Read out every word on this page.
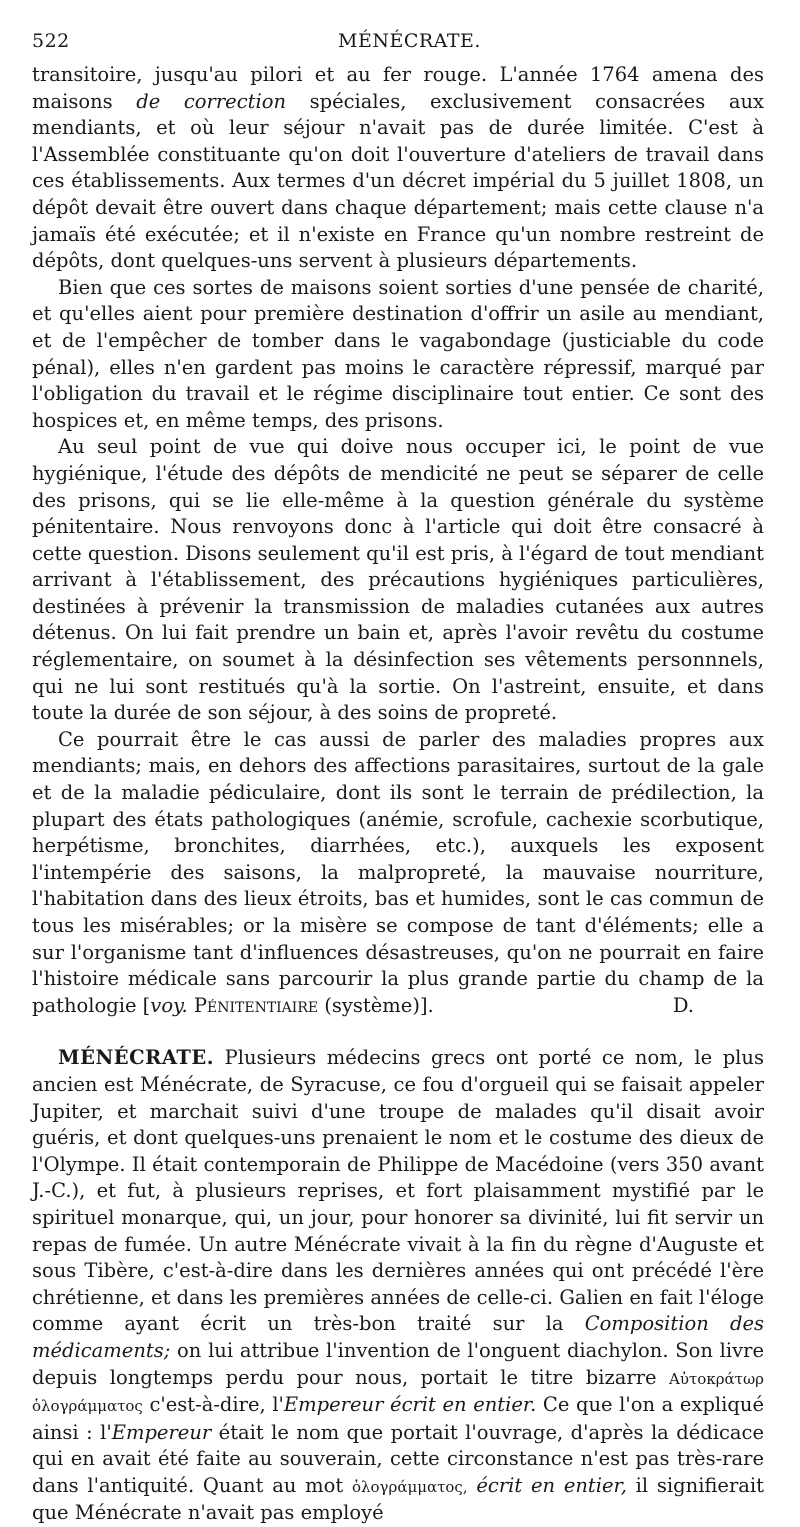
522	MÉNÉCRATE.

transitoire, jusqu'au pilori et au fer rouge. L'année 1764 amena des maisons de correction spéciales, exclusivement consacrées aux mendiants, et où leur séjour n'avait pas de durée limitée. C'est à l'Assemblée constituante qu'on doit l'ouverture d'ateliers de travail dans ces établissements. Aux termes d'un décret impérial du 5 juillet 1808, un dépôt devait être ouvert dans chaque département; mais cette clause n'a jamaïs été exécutée; et il n'existe en France qu'un nombre restreint de dépôts, dont quelques-uns servent à plusieurs départements.

Bien que ces sortes de maisons soient sorties d'une pensée de charité, et qu'elles aient pour première destination d'offrir un asile au mendiant, et de l'empêcher de tomber dans le vagabondage (justiciable du code pénal), elles n'en gardent pas moins le caractère répressif, marqué par l'obligation du travail et le régime disciplinaire tout entier. Ce sont des hospices et, en même temps, des prisons.

Au seul point de vue qui doive nous occuper ici, le point de vue hygiénique, l'étude des dépôts de mendicité ne peut se séparer de celle des prisons, qui se lie elle-même à la question générale du système pénitentaire. Nous renvoyons donc à l'article qui doit être consacré à cette question. Disons seulement qu'il est pris, à l'égard de tout mendiant arrivant à l'établissement, des précautions hygiéniques particulières, destinées à prévenir la transmission de maladies cutanées aux autres détenus. On lui fait prendre un bain et, après l'avoir revêtu du costume réglementaire, on soumet à la désinfection ses vêtements personnnels, qui ne lui sont restitués qu'à la sortie. On l'astreint, ensuite, et dans toute la durée de son séjour, à des soins de propreté.

Ce pourrait être le cas aussi de parler des maladies propres aux mendiants; mais, en dehors des affections parasitaires, surtout de la gale et de la maladie pédiculaire, dont ils sont le terrain de prédilection, la plupart des états pathologiques (anémie, scrofule, cachexie scorbutique, herpétisme, bronchites, diarrhées, etc.), auxquels les exposent l'intempérie des saisons, la malpropreté, la mauvaise nourriture, l'habitation dans des lieux étroits, bas et humides, sont le cas commun de tous les misérables; or la misère se compose de tant d'éléments; elle a sur l'organisme tant d'influences désastreuses, qu'on ne pourrait en faire l'histoire médicale sans parcourir la plus grande partie du champ de la pathologie [voy. Pénitentiaire (système)].	D.

MÉNÉCRATE. Plusieurs médecins grecs ont porté ce nom, le plus ancien est Ménécrate, de Syracuse, ce fou d'orgueil qui se faisait appeler Jupiter, et marchait suivi d'une troupe de malades qu'il disait avoir guéris, et dont quelques-uns prenaient le nom et le costume des dieux de l'Olympe. Il était contemporain de Philippe de Macédoine (vers 350 avant J.-C.), et fut, à plusieurs reprises, et fort plaisamment mystifié par le spirituel monarque, qui, un jour, pour honorer sa divinité, lui fit servir un repas de fumée. Un autre Ménécrate vivait à la fin du règne d'Auguste et sous Tibère, c'est-à-dire dans les dernières années qui ont précédé l'ère chrétienne, et dans les premières années de celle-ci. Galien en fait l'éloge comme ayant écrit un très-bon traité sur la Composition des médicaments; on lui attribue l'invention de l'onguent diachylon. Son livre depuis longtemps perdu pour nous, portait le titre bizarre Αὐτοκράτωρ ὁλογράμματος c'est-à-dire, l'Empereur écrit en entier. Ce que l'on a expliqué ainsi : l'Empereur était le nom que portait l'ouvrage, d'après la dédicace qui en avait été faite au souverain, cette circonstance n'est pas très-rare dans l'antiquité. Quant au mot ὁλογράμματος, écrit en entier, il signifierait que Ménécrate n'avait pas employé
